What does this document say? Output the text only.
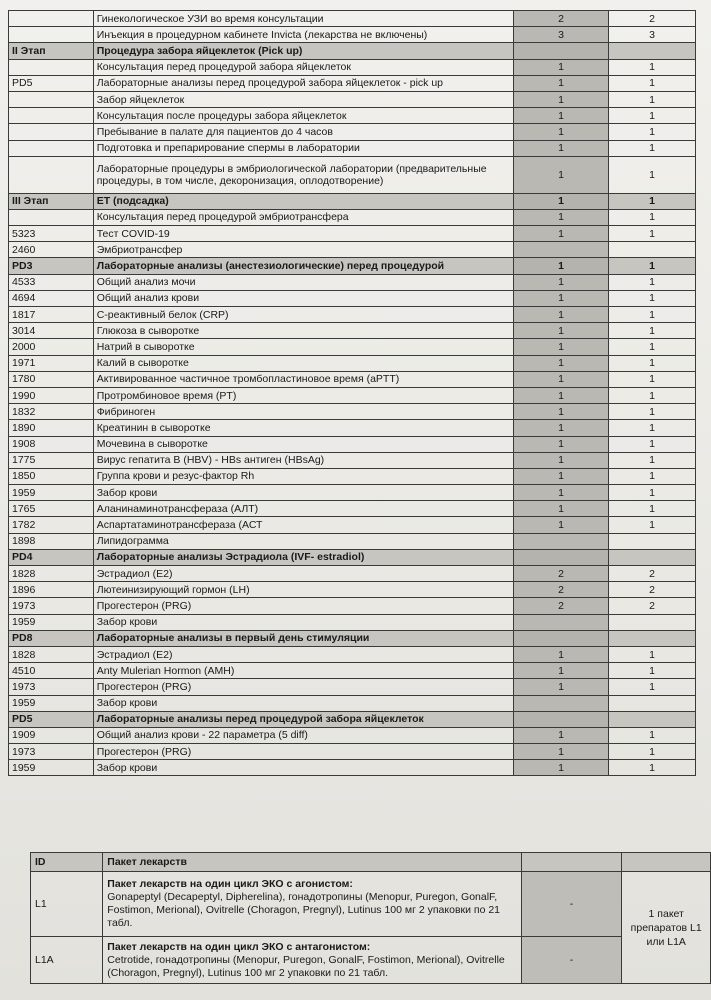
	Гинекологическое УЗИ во время консультации	2	2
	Инъекция в процедурном кабинете Invicta (лекарства не включены)	3	3
II Этап	Процедура забора яйцеклеток (Pick up)		
	Консультация перед процедурой забора яйцеклеток	1	1
PD5	Лабораторные анализы перед процедурой забора яйцеклеток - pick up	1	1
	Забор яйцеклеток	1	1
	Консультация после процедуры забора яйцеклеток	1	1
	Пребывание в палате для пациентов до 4 часов	1	1
	Подготовка и препарирование спермы в лаборатории	1	1
	Лабораторные процедуры в эмбриологической лаборатории (предварительные процедуры, в том числе, декоронизация, оплодотворение)	1	1
III Этап	ET (подсадка)	1	1
	Консультация перед процедурой эмбриотрансфера	1	1
5323	Тест COVID-19	1	1
2460	Эмбриотрансфер		
PD3	Лабораторные анализы (анестезиологические) перед процедурой	1	1
4533	Общий анализ мочи	1	1
4694	Общий анализ крови	1	1
1817	С-реактивный белок (CRP)	1	1
3014	Глюкоза в сыворотке	1	1
2000	Натрий в сыворотке	1	1
1971	Калий в сыворотке	1	1
1780	Активированное частичное тромбопластиновое время (аPTT)	1	1
1990	Протромбиновое время (PT)	1	1
1832	Фибриноген	1	1
1890	Креатинин в сыворотке	1	1
1908	Мочевина в сыворотке	1	1
1775	Вирус гепатита B (HBV) - HBs антиген (HBsAg)	1	1
1850	Группа крови и резус-фактор Rh	1	1
1959	Забор крови	1	1
1765	Аланинаминотрансфераза (АЛТ)	1	1
1782	Аспартатаминотрансфераза (АСТ	1	1
1898	Липидограмма		
PD4	Лабораторные анализы Эстрадиола (IVF- estradiol)		
1828	Эстрадиол (E2)	2	2
1896	Лютеинизирующий гормон (LH)	2	2
1973	Прогестерон (PRG)	2	2
1959	Забор крови		
PD8	Лабораторные анализы в первый день стимуляции		
1828	Эстрадиол (E2)	1	1
4510	Anty Mulerian Hormon (AMH)	1	1
1973	Прогестерон (PRG)	1	1
1959	Забор крови		
PD5	Лабораторные анализы перед процедурой забора яйцеклеток		
1909	Общий анализ крови - 22 параметра (5 diff)	1	1
1973	Прогестерон (PRG)	1	1
1959	Забор крови	1	1
ID	Пакет лекарств		
L1	Пакет лекарств на один цикл ЭКО с агонистом:
Gonapeptyl (Decapeptyl, Dipherelina), гонадотропины (Menopur, Puregon, GonalF, Fostimon, Merional), Ovitrelle (Choragon, Pregnyl), Lutinus 100 мг 2 упаковки по 21 табл.	-	1 пакет препаратов L1 или L1A
L1A	Пакет лекарств на один цикл ЭКО с антагонистом:
Cetrotide, гонадотропины (Menopur, Puregon, GonalF, Fostimon, Merional), Ovitrelle (Choragon, Pregnyl), Lutinus 100 мг 2 упаковки по 21 табл.	-	
